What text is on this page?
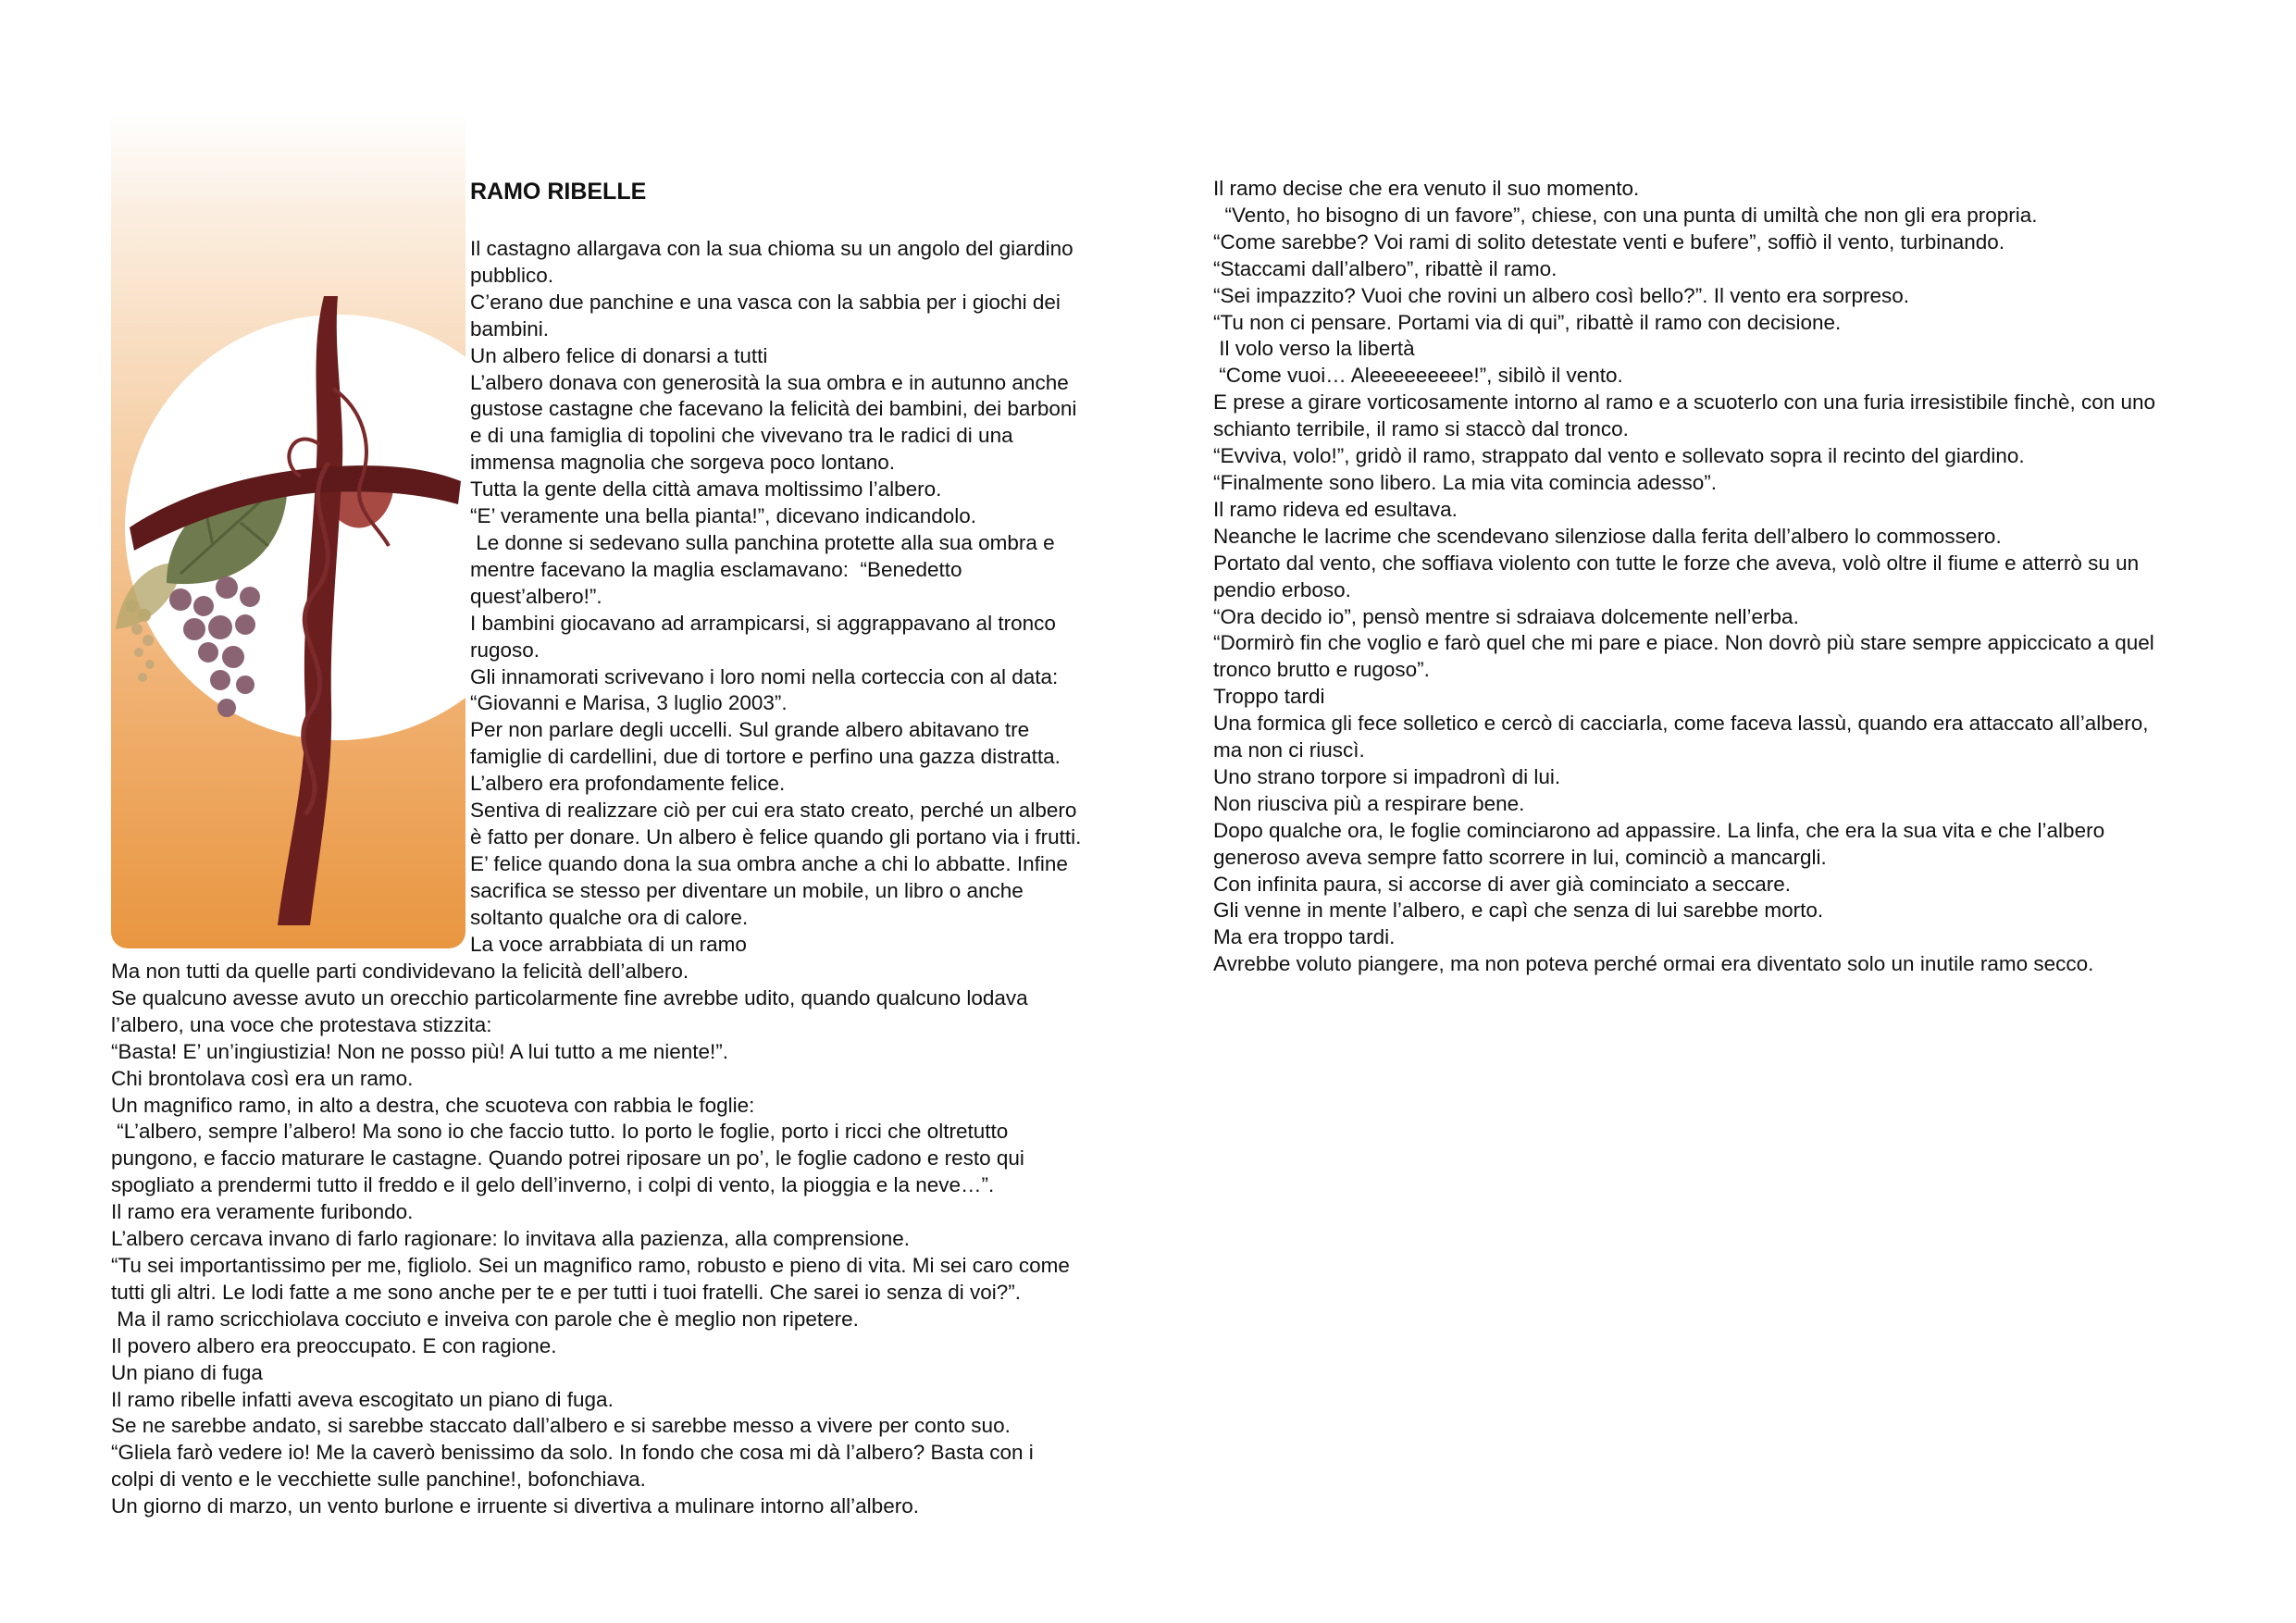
RAMO RIBELLE
Il castagno allargava con la sua chioma su un angolo del giardino
pubblico.
C’erano due panchine e una vasca con la sabbia per i giochi dei
bambini.
Un albero felice di donarsi a tutti
L’albero donava con generosità la sua ombra e in autunno anche
gustose castagne che facevano la felicità dei bambini, dei barboni
e di una famiglia di topolini che vivevano tra le radici di una
immensa magnolia che sorgeva poco lontano.
Tutta la gente della città amava moltissimo l’albero.
“E’ veramente una bella pianta!”, dicevano indicandolo.
Le donne si sedevano sulla panchina protette alla sua ombra e
mentre facevano la maglia esclamavano:  “Benedetto
quest’albero!”.
I bambini giocavano ad arrampicarsi, si aggrappavano al tronco
rugoso.
Gli innamorati scrivevano i loro nomi nella corteccia con al data:
“Giovanni e Marisa, 3 luglio 2003”.
Per non parlare degli uccelli. Sul grande albero abitavano tre
famiglie di cardellini, due di tortore e perfino una gazza distratta.
L’albero era profondamente felice.
Sentiva di realizzare ciò per cui era stato creato, perché un albero
è fatto per donare. Un albero è felice quando gli portano via i frutti.
E’ felice quando dona la sua ombra anche a chi lo abbatte. Infine
sacrifica se stesso per diventare un mobile, un libro o anche
soltanto qualche ora di calore.
La voce arrabbiata di un ramo
Ma non tutti da quelle parti condividevano la felicità dell’albero.
Se qualcuno avesse avuto un orecchio particolarmente fine avrebbe udito, quando qualcuno lodava
l’albero, una voce che protestava stizzita:
“Basta! E’ un’ingiustizia! Non ne posso più! A lui tutto a me niente!”.
Chi brontolava così era un ramo.
Un magnifico ramo, in alto a destra, che scuoteva con rabbia le foglie:
“L’albero, sempre l’albero! Ma sono io che faccio tutto. Io porto le foglie, porto i ricci che oltretutto
pungono, e faccio maturare le castagne. Quando potrei riposare un po’, le foglie cadono e resto qui
spogliato a prendermi tutto il freddo e il gelo dell’inverno, i colpi di vento, la pioggia e la neve…”.
Il ramo era veramente furibondo.
L’albero cercava invano di farlo ragionare: lo invitava alla pazienza, alla comprensione.
“Tu sei importantissimo per me, figliolo. Sei un magnifico ramo, robusto e pieno di vita. Mi sei caro come
tutti gli altri. Le lodi fatte a me sono anche per te e per tutti i tuoi fratelli. Che sarei io senza di voi?”.
Ma il ramo scricchiolava cocciuto e inveiva con parole che è meglio non ripetere.
Il povero albero era preoccupato. E con ragione.
Un piano di fuga
Il ramo ribelle infatti aveva escogitato un piano di fuga.
Se ne sarebbe andato, si sarebbe staccato dall’albero e si sarebbe messo a vivere per conto suo.
“Gliela farò vedere io! Me la caverò benissimo da solo. In fondo che cosa mi dà l’albero? Basta con i
colpi di vento e le vecchiette sulle panchine!, bofonchiava.
Un giorno di marzo, un vento burlone e irruente si divertiva a mulinare intorno all’albero.
Il ramo decise che era venuto il suo momento.
“Vento, ho bisogno di un favore”, chiese, con una punta di umiltà che non gli era propria.
“Come sarebbe? Voi rami di solito detestate venti e bufere”, soffiò il vento, turbinando.
“Staccami dall’albero”, ribattè il ramo.
“Sei impazzito? Vuoi che rovini un albero così bello?”. Il vento era sorpreso.
“Tu non ci pensare. Portami via di qui”, ribattè il ramo con decisione.
Il volo verso la libertà
“Come vuoi… Aleeeeeeeee!”, sibilò il vento.
E prese a girare vorticosamente intorno al ramo e a scuoterlo con una furia irresistibile finchè, con uno
schianto terribile, il ramo si staccò dal tronco.
“Evviva, volo!”, gridò il ramo, strappato dal vento e sollevato sopra il recinto del giardino.
“Finalmente sono libero. La mia vita comincia adesso”.
Il ramo rideva ed esultava.
Neanche le lacrime che scendevano silenziose dalla ferita dell’albero lo commossero.
Portato dal vento, che soffiava violento con tutte le forze che aveva, volò oltre il fiume e atterrò su un
pendio erboso.
“Ora decido io”, pensò mentre si sdraiava dolcemente nell’erba.
“Dormirò fin che voglio e farò quel che mi pare e piace. Non dovrò più stare sempre appiccicato a quel
tronco brutto e rugoso”.
Troppo tardi
Una formica gli fece solletico e cercò di cacciarla, come faceva lassù, quando era attaccato all’albero,
ma non ci riuscì.
Uno strano torpore si impadronì di lui.
Non riusciva più a respirare bene.
Dopo qualche ora, le foglie cominciarono ad appassire. La linfa, che era la sua vita e che l’albero
generoso aveva sempre fatto scorrere in lui, cominciò a mancargli.
Con infinita paura, si accorse di aver già cominciato a seccare.
Gli venne in mente l’albero, e capì che senza di lui sarebbe morto.
Ma era troppo tardi.
Avrebbe voluto piangere, ma non poteva perché ormai era diventato solo un inutile ramo secco.
